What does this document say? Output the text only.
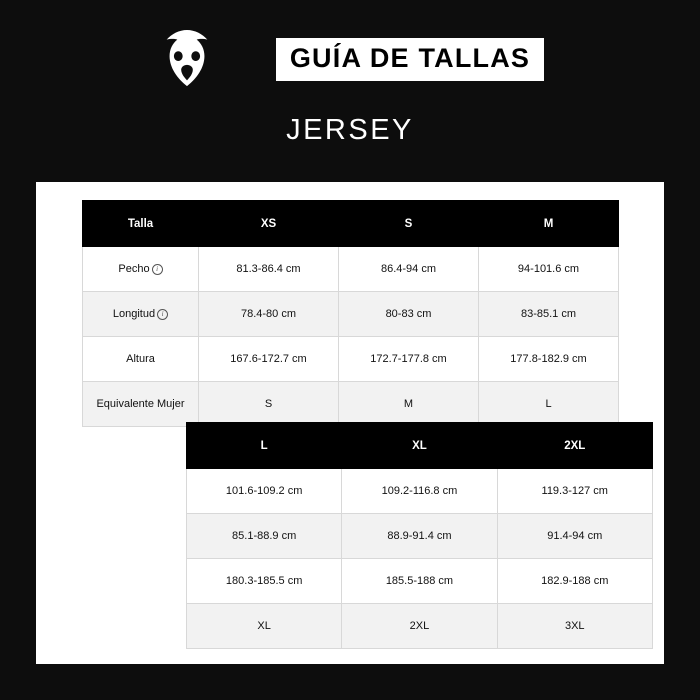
GUÍA DE TALLAS
JERSEY
Talla	XS	S	M
Pecho i	81.3-86.4 cm	86.4-94 cm	94-101.6 cm
Longitud i	78.4-80 cm	80-83 cm	83-85.1 cm
Altura	167.6-172.7 cm	172.7-177.8 cm	177.8-182.9 cm
Equivalente Mujer	S	M	L
L	XL	2XL
101.6-109.2 cm	109.2-116.8 cm	119.3-127 cm
85.1-88.9 cm	88.9-91.4 cm	91.4-94 cm
180.3-185.5 cm	185.5-188 cm	182.9-188 cm
XL	2XL	3XL
